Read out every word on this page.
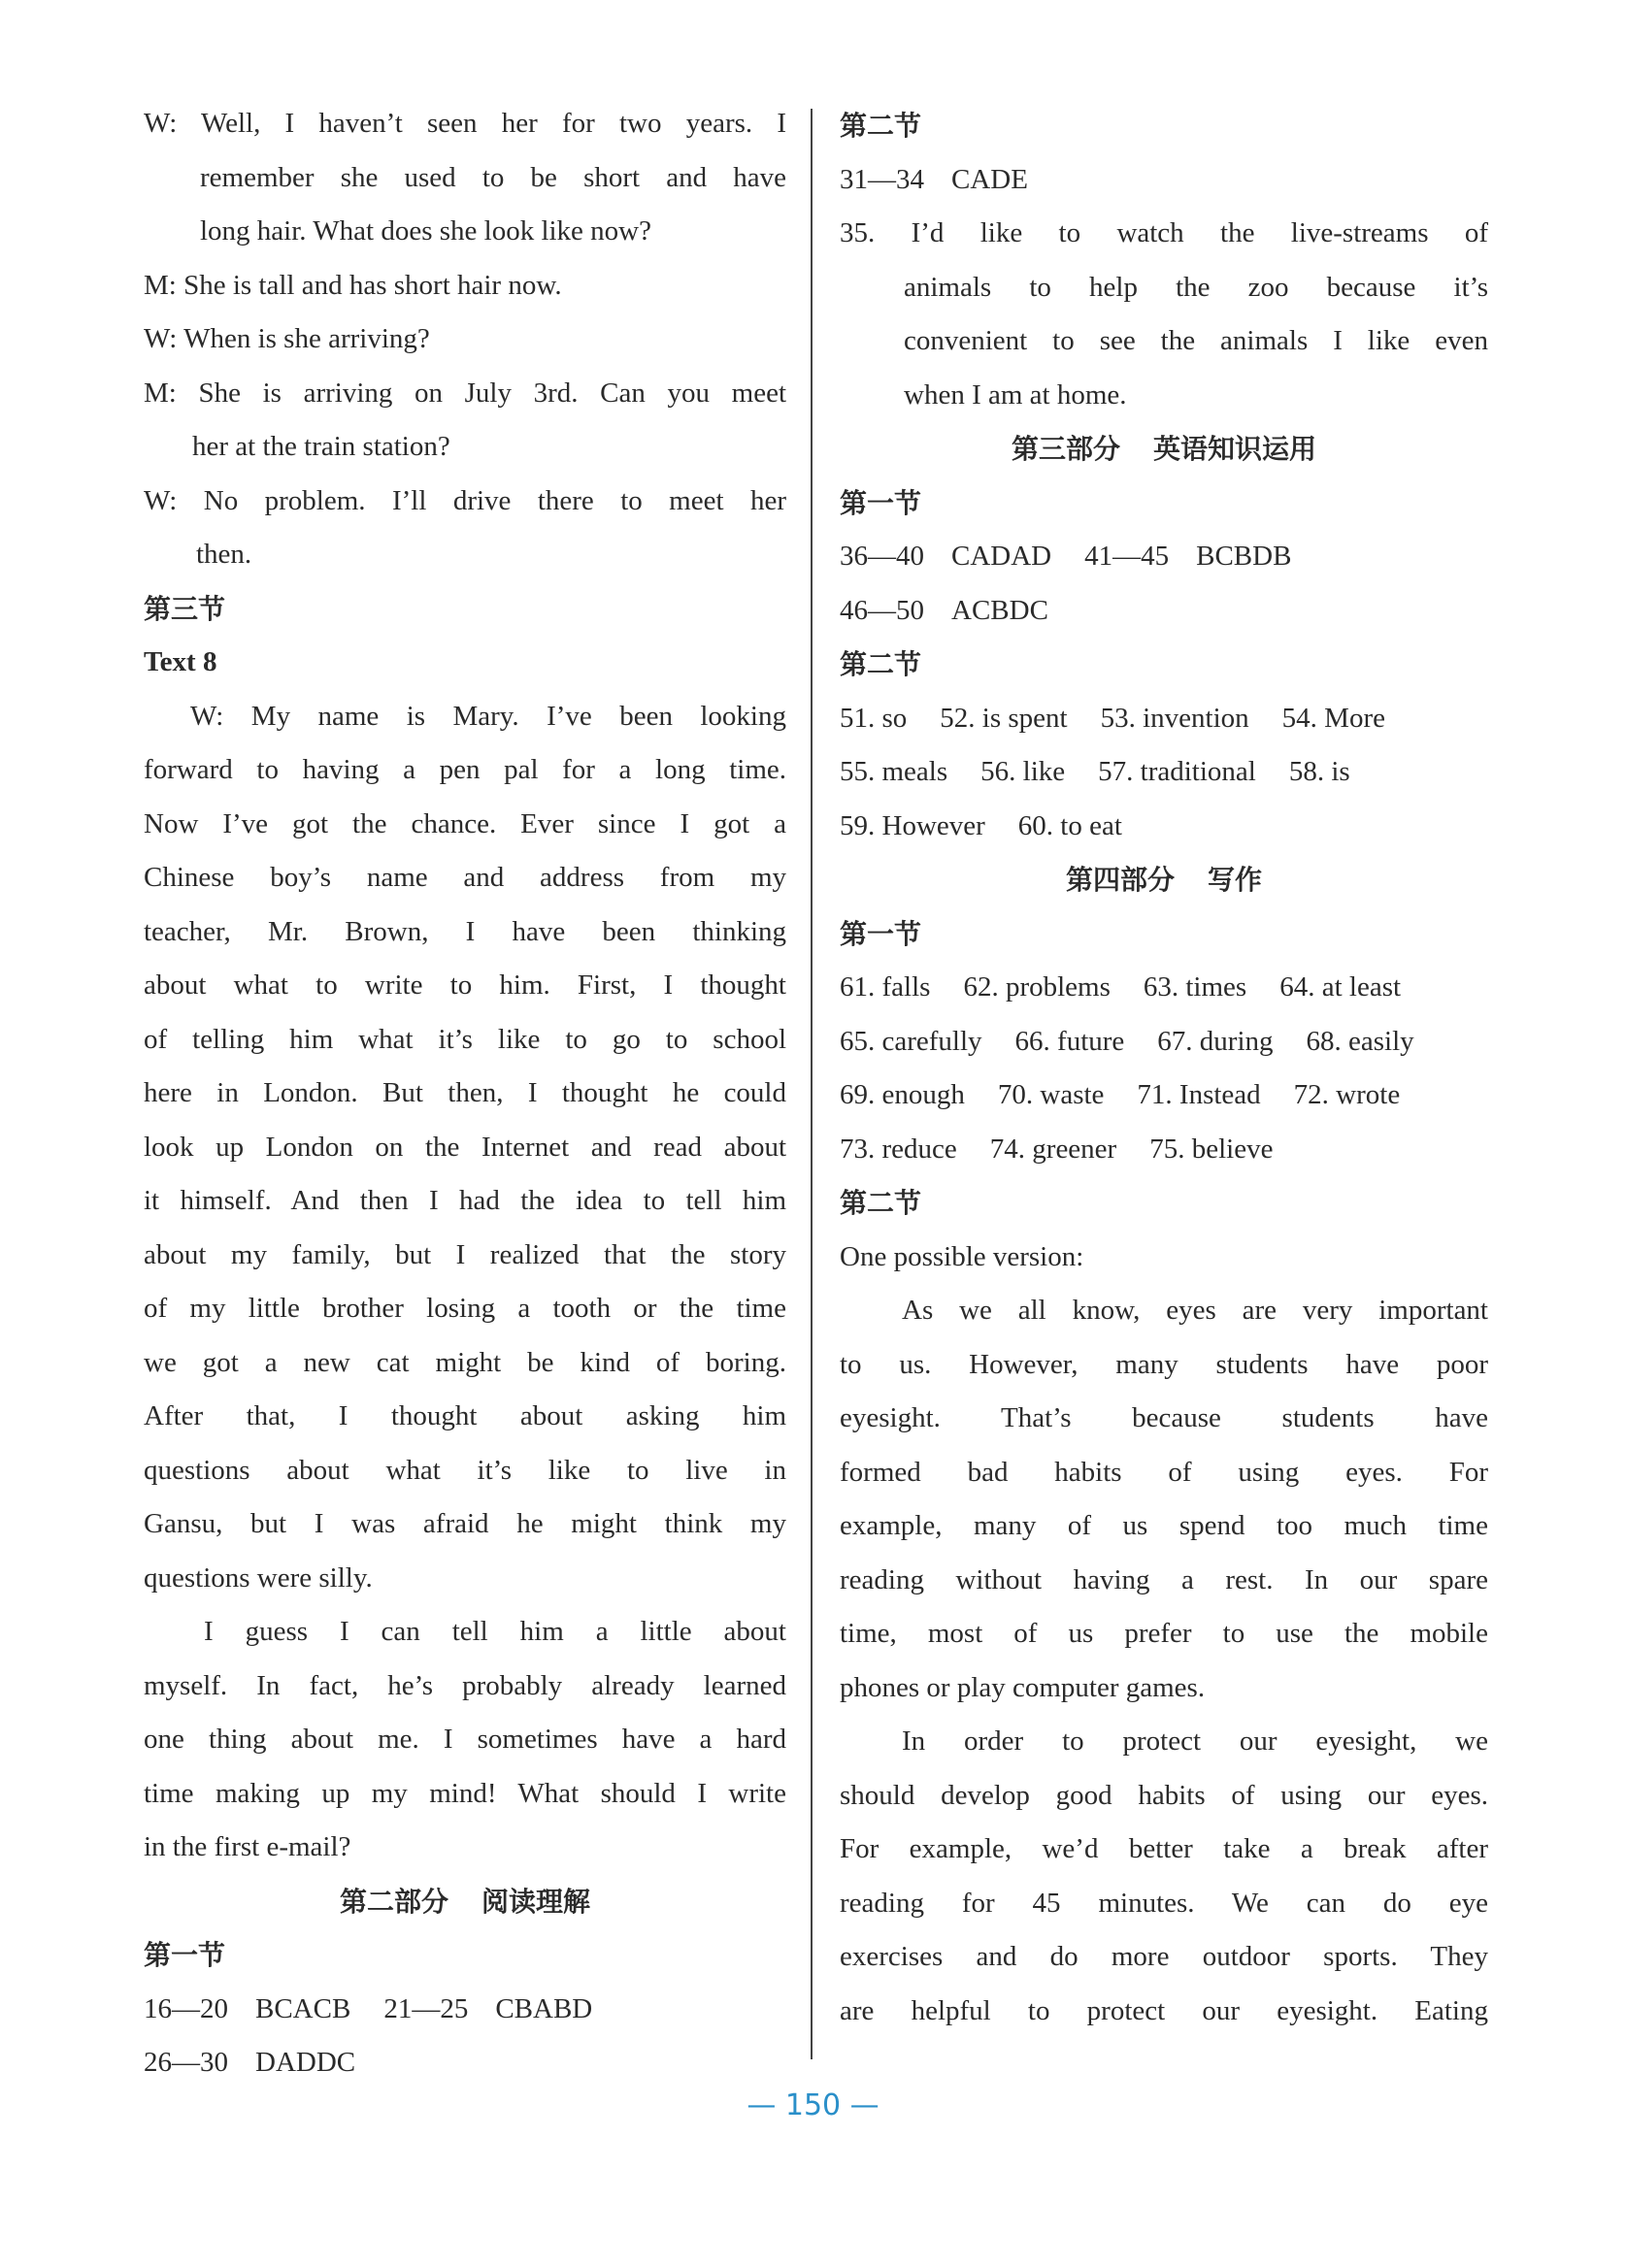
W: Well, I haven’t seen her for two years. I
remember she used to be short and have
long hair. What does she look like now?
M: She is tall and has short hair now.
W: When is she arriving?
M: She is arriving on July 3rd. Can you meet
her at the train station?
W: No problem. I’ll drive there to meet her
then.
第三节
Text 8
W: My name is Mary. I’ve been looking
forward to having a pen pal for a long time.
Now I’ve got the chance. Ever since I got a
Chinese boy’s name and address from my
teacher, Mr. Brown, I have been thinking
about what to write to him. First, I thought
of telling him what it’s like to go to school
here in London. But then, I thought he could
look up London on the Internet and read about
it himself. And then I had the idea to tell him
about my family, but I realized that the story
of my little brother losing a tooth or the time
we got a new cat might be kind of boring.
After that, I thought about asking him
questions about what it’s like to live in
Gansu, but I was afraid he might think my
questions were silly.
I guess I can tell him a little about
myself. In fact, he’s probably already learned
one thing about me. I sometimes have a hard
time making up my mind! What should I write
in the first e-mail?
第二部分 阅读理解
第一节
16—20 BCACB 21—25 CBABD
26—30 DADDC
第二节
31—34 CADE
35. I’d like to watch the live-streams of
animals to help the zoo because it’s
convenient to see the animals I like even
when I am at home.
第三部分 英语知识运用
第一节
36—40 CADAD 41—45 BCBDB
46—50 ACBDC
第二节
51. so 52. is spent 53. invention 54. More
55. meals 56. like 57. traditional 58. is
59. However 60. to eat
第四部分 写作
第一节
61. falls 62. problems 63. times 64. at least
65. carefully 66. future 67. during 68. easily
69. enough 70. waste 71. Instead 72. wrote
73. reduce 74. greener 75. believe
第二节
One possible version:
As we all know, eyes are very important
to us. However, many students have poor
eyesight. That’s because students have
formed bad habits of using eyes. For
example, many of us spend too much time
reading without having a rest. In our spare
time, most of us prefer to use the mobile
phones or play computer games.
In order to protect our eyesight, we
should develop good habits of using our eyes.
For example, we’d better take a break after
reading for 45 minutes. We can do eye
exercises and do more outdoor sports. They
are helpful to protect our eyesight. Eating
— 150 —
